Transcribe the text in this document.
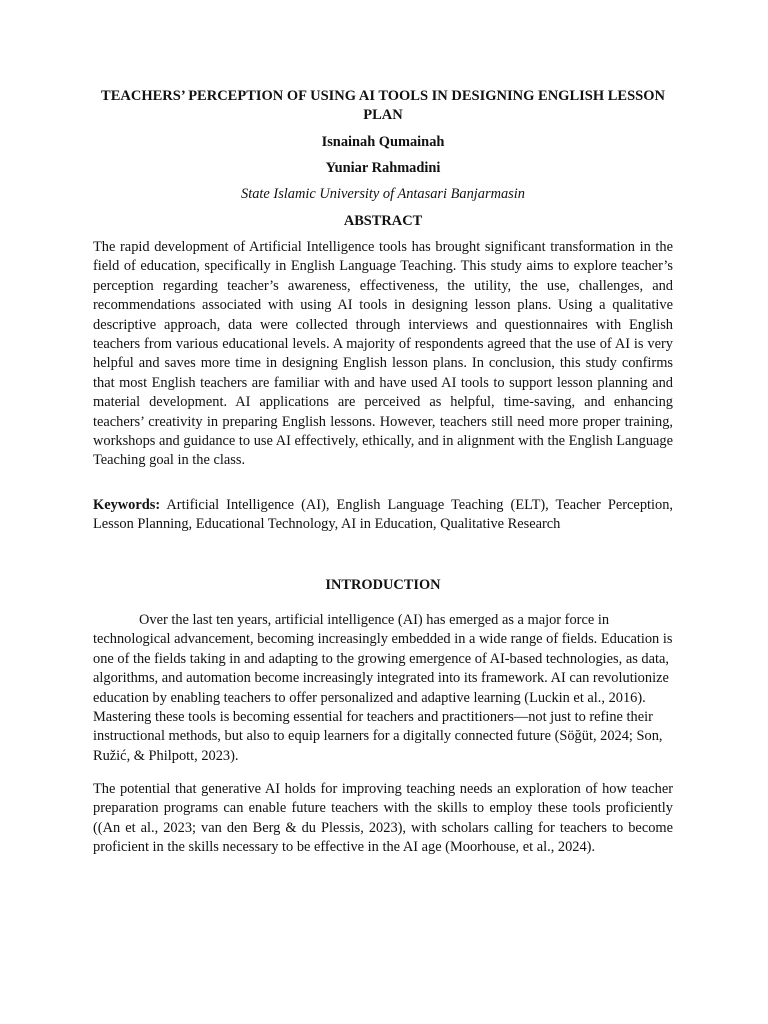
TEACHERS’ PERCEPTION OF USING AI TOOLS IN DESIGNING ENGLISH LESSON PLAN

Isnainah Qumainah

Yuniar Rahmadini

State Islamic University of Antasari Banjarmasin

ABSTRACT

The rapid development of Artificial Intelligence tools has brought significant transformation in the field of education, specifically in English Language Teaching. This study aims to explore teacher’s perception regarding teacher’s awareness, effectiveness, the utility, the use, challenges, and recommendations associated with using AI tools in designing lesson plans. Using a qualitative descriptive approach, data were collected through interviews and questionnaires with English teachers from various educational levels. A majority of respondents agreed that the use of AI is very helpful and saves more time in designing English lesson plans. In conclusion, this study confirms that most English teachers are familiar with and have used AI tools to support lesson planning and material development. AI applications are perceived as helpful, time-saving, and enhancing teachers’ creativity in preparing English lessons. However, teachers still need more proper training, workshops and guidance to use AI effectively, ethically, and in alignment with the English Language Teaching goal in the class.

Keywords: Artificial Intelligence (AI), English Language Teaching (ELT), Teacher Perception, Lesson Planning, Educational Technology, AI in Education, Qualitative Research

INTRODUCTION

Over the last ten years, artificial intelligence (AI) has emerged as a major force in technological advancement, becoming increasingly embedded in a wide range of fields. Education is one of the fields taking in and adapting to the growing emergence of AI-based technologies, as data, algorithms, and automation become increasingly integrated into its framework. AI can revolutionize education by enabling teachers to offer personalized and adaptive learning (Luckin et al., 2016). Mastering these tools is becoming essential for teachers and practitioners—not just to refine their instructional methods, but also to equip learners for a digitally connected future (Söğüt, 2024; Son, Ružić, & Philpott, 2023).

The potential that generative AI holds for improving teaching needs an exploration of how teacher preparation programs can enable future teachers with the skills to employ these tools proficiently ((An et al., 2023; van den Berg & du Plessis, 2023), with scholars calling for teachers to become proficient in the skills necessary to be effective in the AI age (Moorhouse, et al., 2024).
